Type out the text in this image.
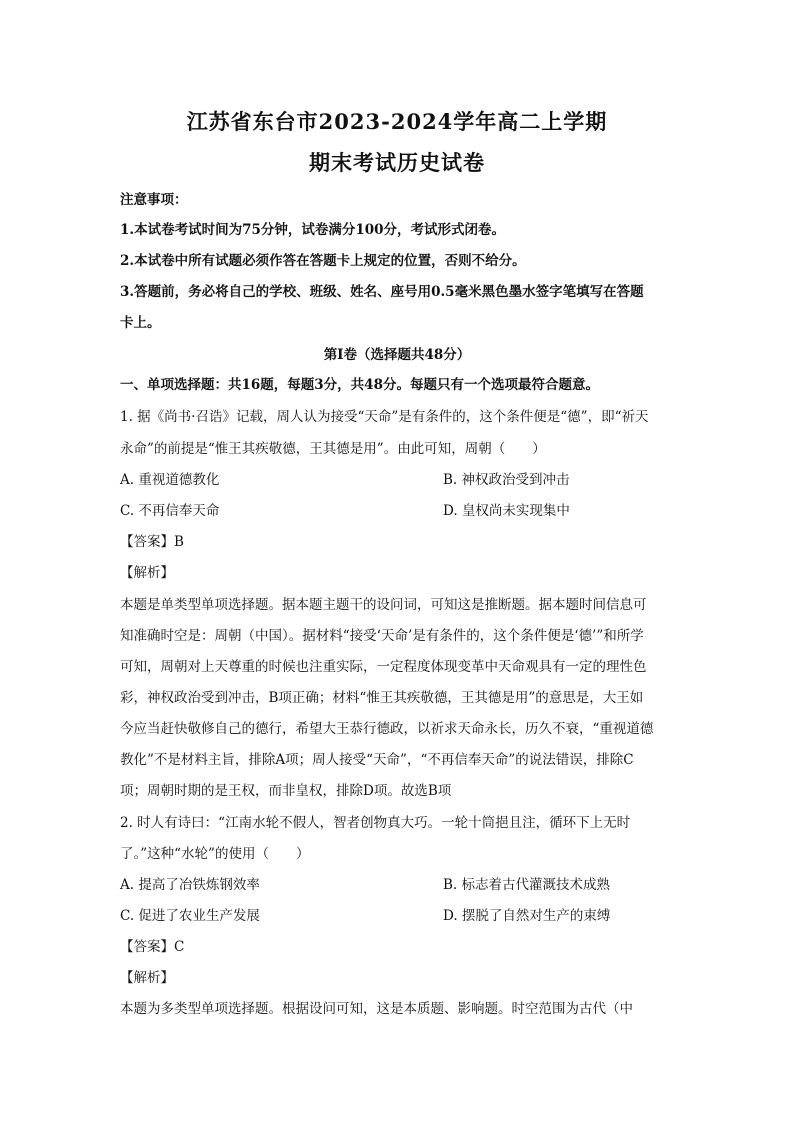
江苏省东台市2023-2024学年高二上学期
期末考试历史试卷
注意事项：
1.本试卷考试时间为75分钟，试卷满分100分，考试形式闭卷。
2.本试卷中所有试题必须作答在答题卡上规定的位置，否则不给分。
3.答题前，务必将自己的学校、班级、姓名、座号用0.5毫米黑色墨水签字笔填写在答题
卡上。
第Ⅰ卷（选择题共48分）
一、单项选择题：共16题，每题3分，共48分。每题只有一个选项最符合题意。
1. 据《尚书·召诰》记载，周人认为接受“天命”是有条件的，这个条件便是“德”，即“祈天
永命”的前提是“惟王其疾敬德，王其德是用”。由此可知，周朝（　　）
A. 重视道德教化	B. 神权政治受到冲击
C. 不再信奉天命	D. 皇权尚未实现集中
【答案】B
【解析】
本题是单类型单项选择题。据本题主题干的设问词，可知这是推断题。据本题时间信息可
知准确时空是：周朝（中国）。据材料“接受‘天命’是有条件的，这个条件便是‘德’”和所学
可知，周朝对上天尊重的时候也注重实际，一定程度体现变革中天命观具有一定的理性色
彩，神权政治受到冲击，B项正确；材料“惟王其疾敬德，王其德是用”的意思是，大王如
今应当赶快敬修自己的德行，希望大王恭行德政，以祈求天命永长，历久不衰，“重视道德
教化”不是材料主旨，排除A项；周人接受“天命”，“不再信奉天命”的说法错误，排除C
项；周朝时期的是王权，而非皇权，排除D项。故选B项
2. 时人有诗曰：“江南水轮不假人，智者创物真大巧。一轮十筒挹且注，循环下上无时
了。”这种“水轮”的使用（　　）
A. 提高了冶铁炼钢效率	B. 标志着古代灌溉技术成熟
C. 促进了农业生产发展	D. 摆脱了自然对生产的束缚
【答案】C
【解析】
本题为多类型单项选择题。根据设问可知，这是本质题、影响题。时空范围为古代（中
